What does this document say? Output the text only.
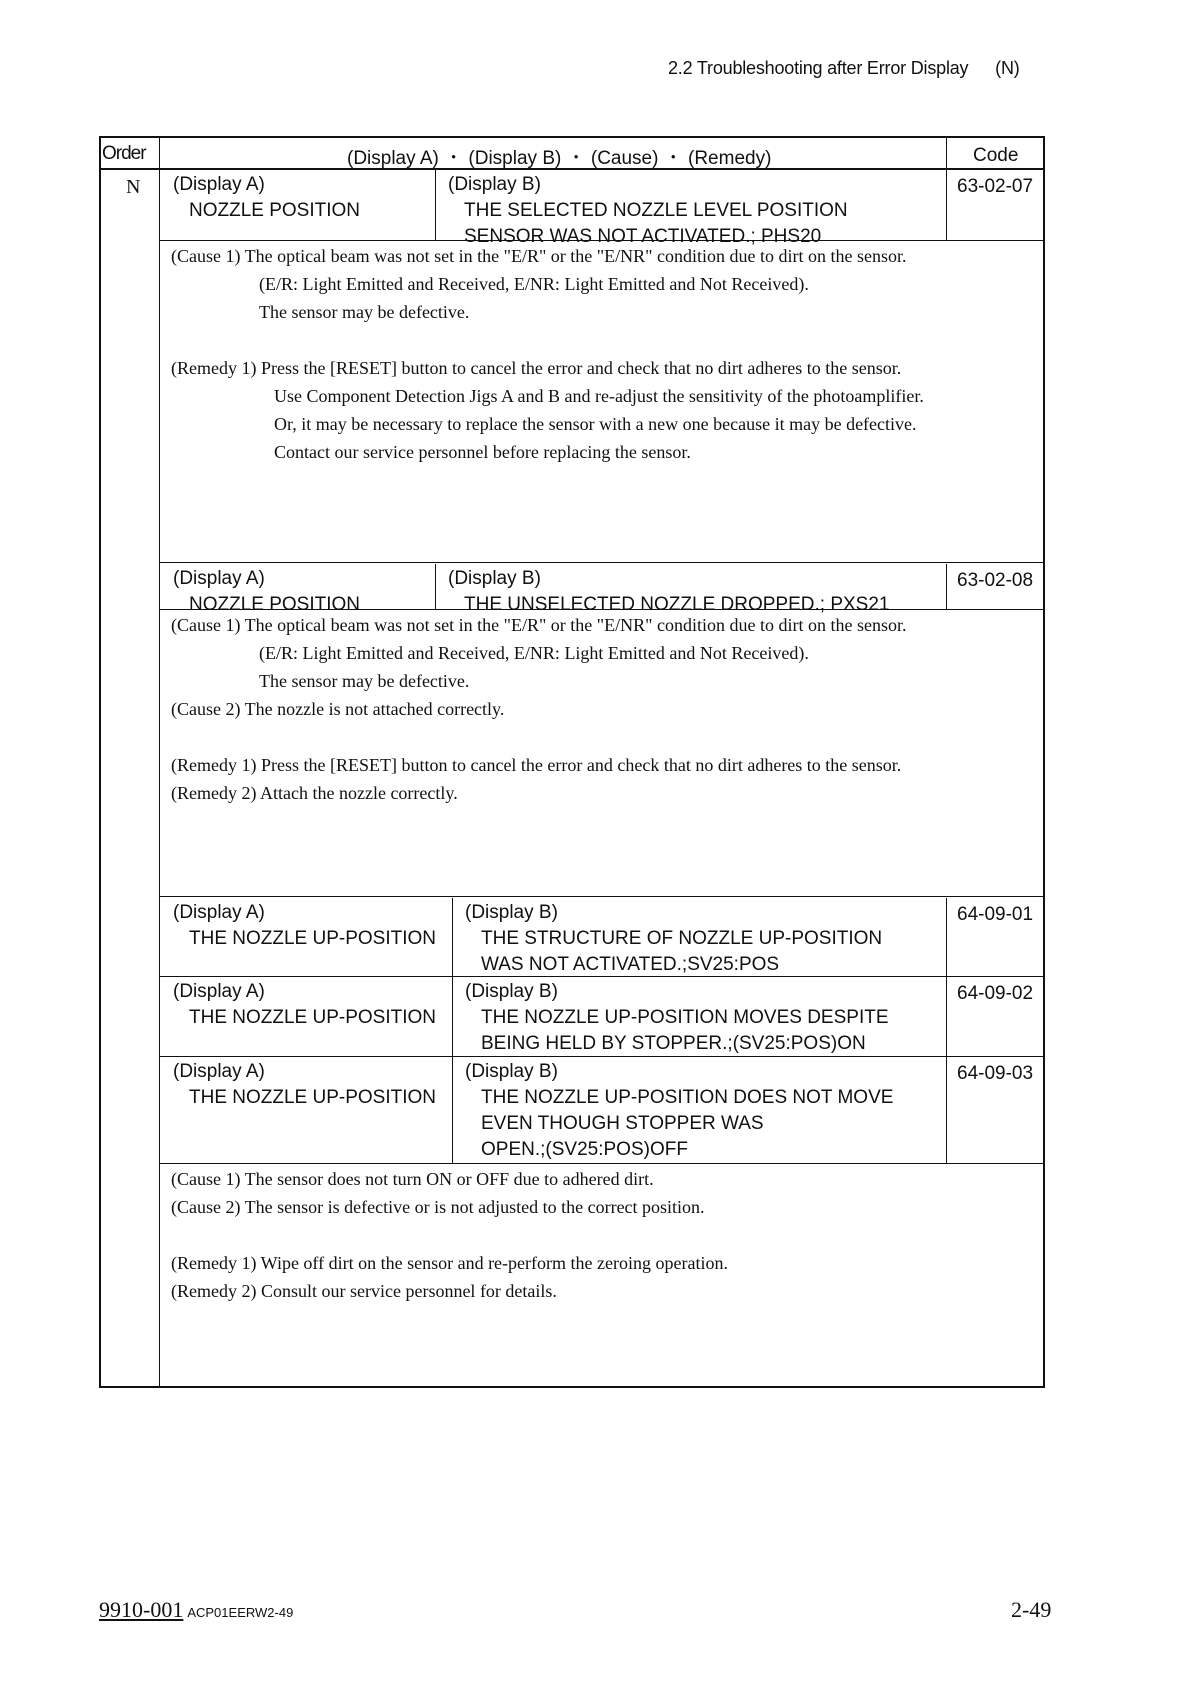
2.2 Troubleshooting after Error Display (N)
Order	(Display A) ・ (Display B) ・ (Cause) ・ (Remedy)	Code
N (Display A)
NOZZLE POSITION
(Display B)
THE SELECTED NOZZLE LEVEL POSITION
SENSOR WAS NOT ACTIVATED.; PHS20
63-02-07
(Cause 1) The optical beam was not set in the "E/R" or the "E/NR" condition due to dirt on the sensor.
(E/R: Light Emitted and Received, E/NR: Light Emitted and Not Received).
The sensor may be defective.
(Remedy 1) Press the [RESET] button to cancel the error and check that no dirt adheres to the sensor.
Use Component Detection Jigs A and B and re-adjust the sensitivity of the photoamplifier.
Or, it may be necessary to replace the sensor with a new one because it may be defective.
Contact our service personnel before replacing the sensor.
(Display A)
NOZZLE POSITION
(Display B)
THE UNSELECTED NOZZLE DROPPED.; PXS21
63-02-08
(Cause 1) The optical beam was not set in the "E/R" or the "E/NR" condition due to dirt on the sensor.
(E/R: Light Emitted and Received, E/NR: Light Emitted and Not Received).
The sensor may be defective.
(Cause 2) The nozzle is not attached correctly.
(Remedy 1) Press the [RESET] button to cancel the error and check that no dirt adheres to the sensor.
(Remedy 2) Attach the nozzle correctly.
(Display A)
THE NOZZLE UP-POSITION
(Display B)
THE STRUCTURE OF NOZZLE UP-POSITION
WAS NOT ACTIVATED.;SV25:POS
64-09-01
(Display A)
THE NOZZLE UP-POSITION
(Display B)
THE NOZZLE UP-POSITION MOVES DESPITE
BEING HELD BY STOPPER.;(SV25:POS)ON
64-09-02
(Display A)
THE NOZZLE UP-POSITION
(Display B)
THE NOZZLE UP-POSITION DOES NOT MOVE
EVEN THOUGH STOPPER WAS
OPEN.;(SV25:POS)OFF
64-09-03
(Cause 1) The sensor does not turn ON or OFF due to adhered dirt.
(Cause 2) The sensor is defective or is not adjusted to the correct position.
(Remedy 1) Wipe off dirt on the sensor and re-perform the zeroing operation.
(Remedy 2) Consult our service personnel for details.
9910-001 ACP01EERW2-49	2-49
